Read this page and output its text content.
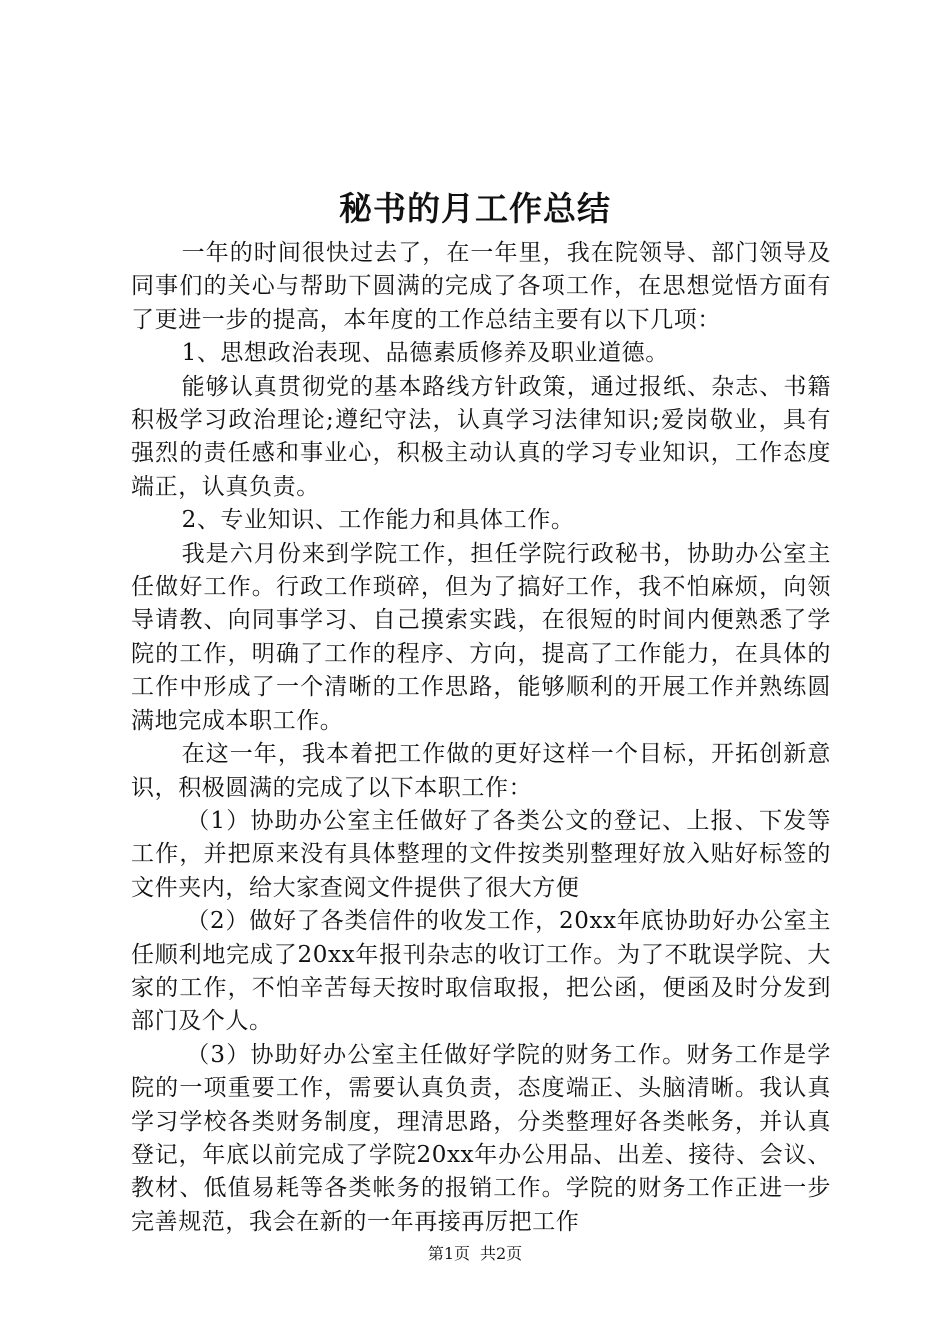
秘书的月工作总结

一年的时间很快过去了，在一年里，我在院领导、部门领导及同事们的关心与帮助下圆满的完成了各项工作，在思想觉悟方面有了更进一步的提高，本年度的工作总结主要有以下几项：

1、思想政治表现、品德素质修养及职业道德。

能够认真贯彻党的基本路线方针政策，通过报纸、杂志、书籍积极学习政治理论;遵纪守法，认真学习法律知识;爱岗敬业，具有强烈的责任感和事业心，积极主动认真的学习专业知识，工作态度端正，认真负责。

2、专业知识、工作能力和具体工作。

我是六月份来到学院工作，担任学院行政秘书，协助办公室主任做好工作。行政工作琐碎，但为了搞好工作，我不怕麻烦，向领导请教、向同事学习、自己摸索实践，在很短的时间内便熟悉了学院的工作，明确了工作的程序、方向，提高了工作能力，在具体的工作中形成了一个清晰的工作思路，能够顺利的开展工作并熟练圆满地完成本职工作。

在这一年，我本着把工作做的更好这样一个目标，开拓创新意识，积极圆满的完成了以下本职工作：

（1）协助办公室主任做好了各类公文的登记、上报、下发等工作，并把原来没有具体整理的文件按类别整理好放入贴好标签的文件夹内，给大家查阅文件提供了很大方便

（2）做好了各类信件的收发工作，20xx年底协助好办公室主任顺利地完成了20xx年报刊杂志的收订工作。为了不耽误学院、大家的工作，不怕辛苦每天按时取信取报，把公函，便函及时分发到部门及个人。

（3）协助好办公室主任做好学院的财务工作。财务工作是学院的一项重要工作，需要认真负责，态度端正、头脑清晰。我认真学习学校各类财务制度，理清思路，分类整理好各类帐务，并认真登记，年底以前完成了学院20xx年办公用品、出差、接待、会议、教材、低值易耗等各类帐务的报销工作。学院的财务工作正进一步完善规范，我会在新的一年再接再厉把工作

第1页 共2页
